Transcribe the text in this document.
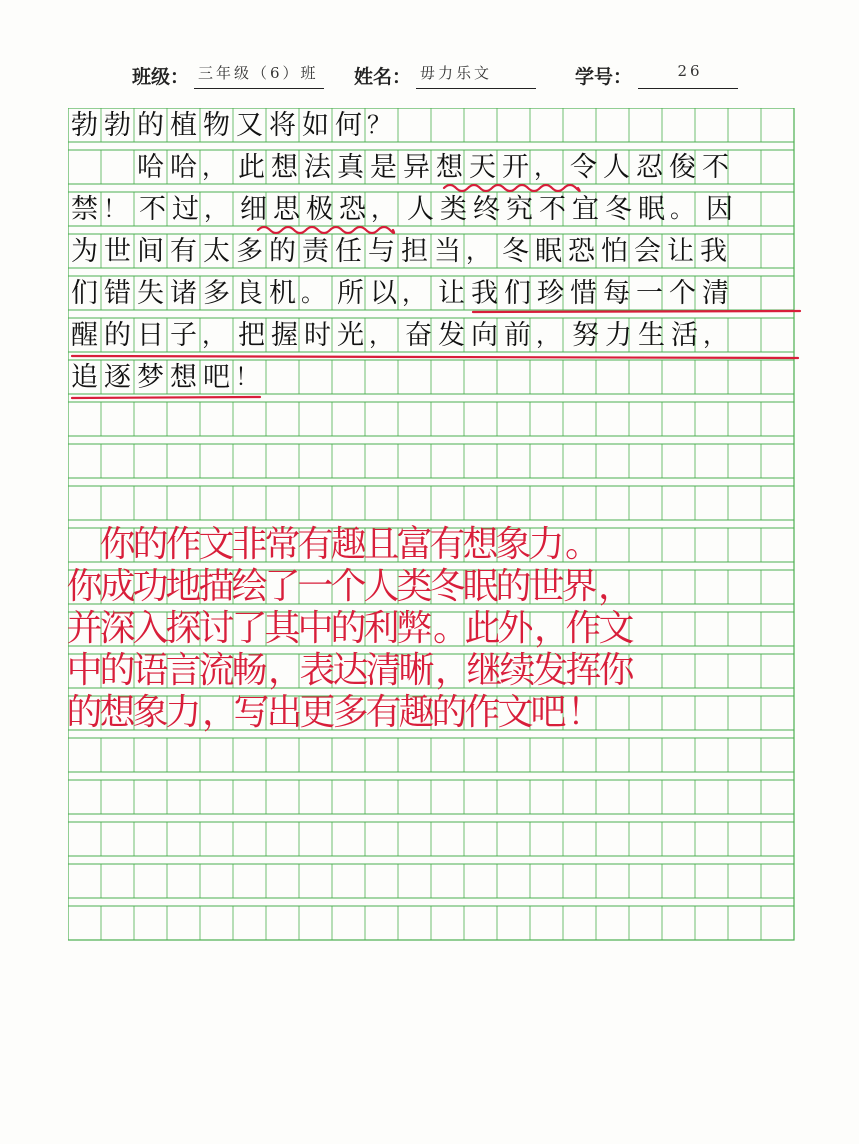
班级： 三年级（6）班 姓名： 毋力乐文	学号：	26
勃 勃 的 植 物 又 将 如 何 ？
哈 哈 ， 此 想 法 真 是 异 想 天 开 ， 令 人 忍 俊 不
禁 ！ 不 过 ， 细 思 极 恐 ， 人 类 终 究 不 宜 冬 眠 。 因
为 世 间 有 太 多 的 责 任 与 担 当 ， 冬 眠 恐 怕 会 让 我
们 错 失 诸 多 良 机 。 所 以 ， 让 我 们 珍 惜 每 一 个 清
醒 的 日 子 ， 把 握 时 光 ， 奋 发 向 前 ， 努 力 生 活 ，
追 逐 梦 想 吧 ！
你
的
作
文
非
常
有
趣
且
富
有
想
象
力 。
你
成
功
地
描
绘
了
一
个
人
类
冬
眠
的
世
界 ，
并
深
入
探
讨
了
其
中
的
利
弊 。
此
外 ，
作
文
中
的
语
言
流
畅 ，
表
达
清
晰 ，
继
续
发
挥
你
的
想
象
力 ，
写
出
更
多
有
趣
的
作
文
吧 ！
